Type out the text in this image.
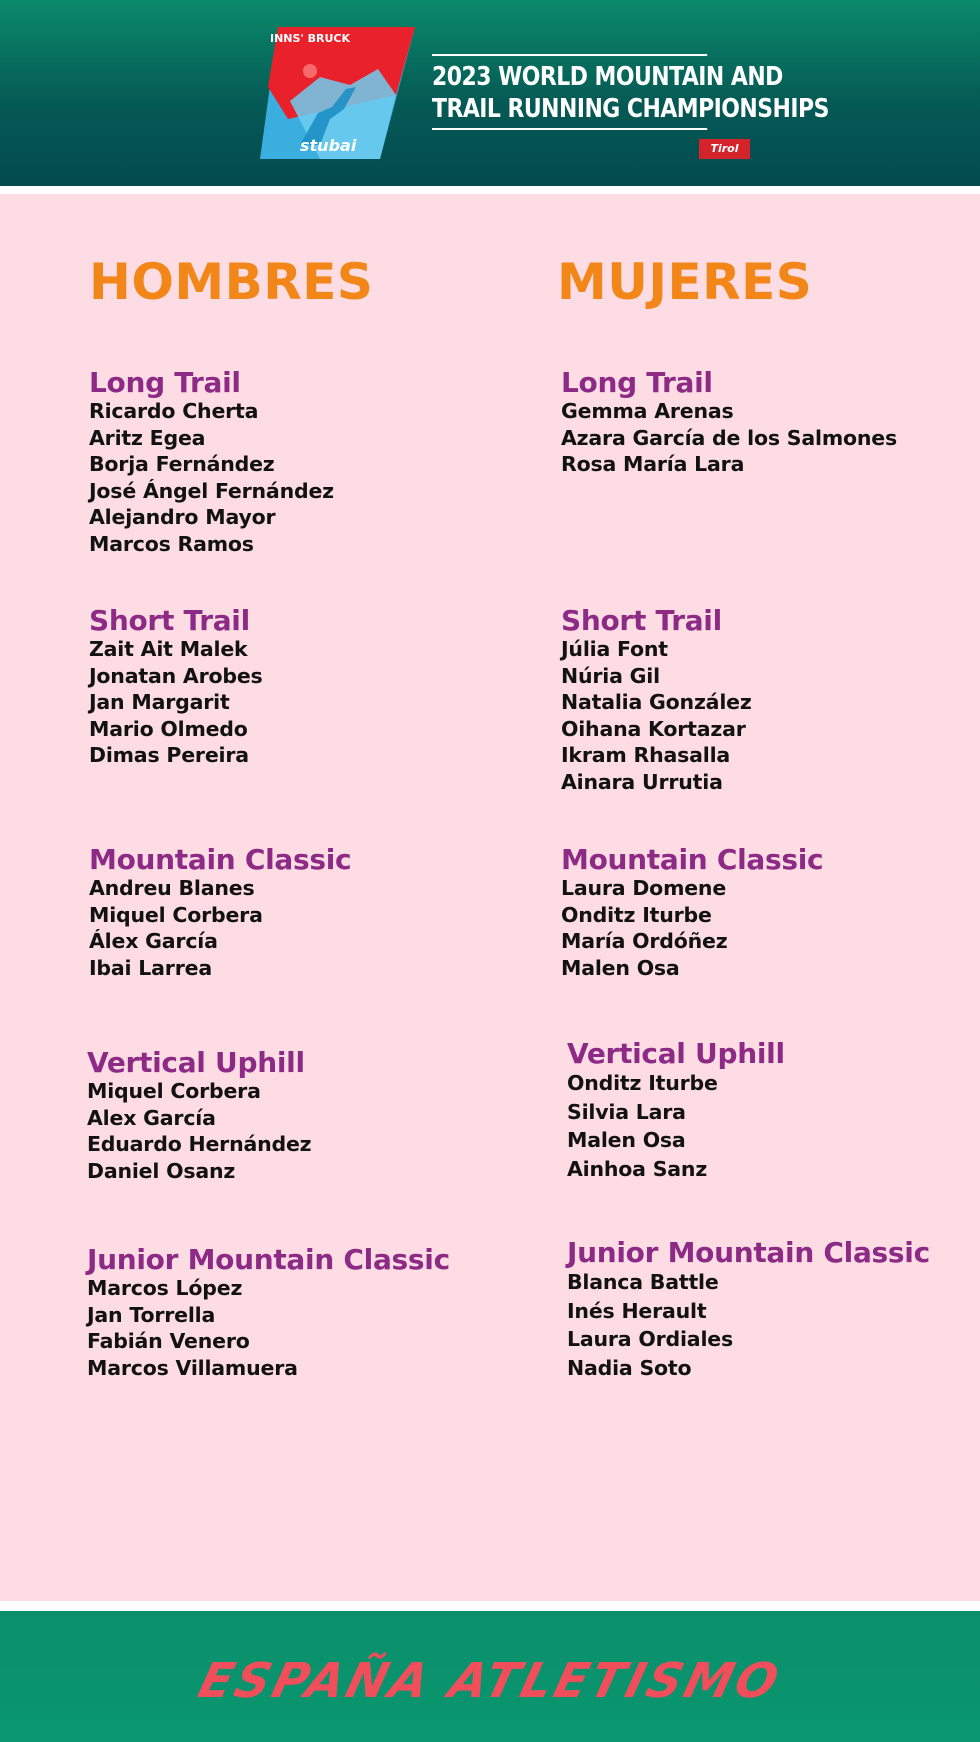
INNS' BRUCK
stubai
2023 WORLD MOUNTAIN AND
TRAIL RUNNING CHAMPIONSHIPS
Tirol
HOMBRES	MUJERES
Long Trail
Ricardo Cherta
Aritz Egea
Borja Fernández
José Ángel Fernández
Alejandro Mayor
Marcos Ramos
Short Trail
Zait Ait Malek
Jonatan Arobes
Jan Margarit
Mario Olmedo
Dimas Pereira
Mountain Classic
Andreu Blanes
Miquel Corbera
Álex García
Ibai Larrea
Vertical Uphill
Miquel Corbera
Alex García
Eduardo Hernández
Daniel Osanz
Junior Mountain Classic
Marcos López
Jan Torrella
Fabián Venero
Marcos Villamuera
Long Trail
Gemma Arenas
Azara García de los Salmones
Rosa María Lara
Short Trail
Júlia Font
Núria Gil
Natalia González
Oihana Kortazar
Ikram Rhasalla
Ainara Urrutia
Mountain Classic
Laura Domene
Onditz Iturbe
María Ordóñez
Malen Osa
Vertical Uphill
Onditz Iturbe
Silvia Lara
Malen Osa
Ainhoa Sanz
Junior Mountain Classic
Blanca Battle
Inés Herault
Laura Ordiales
Nadia Soto
ESPAÑA ATLETISMO
